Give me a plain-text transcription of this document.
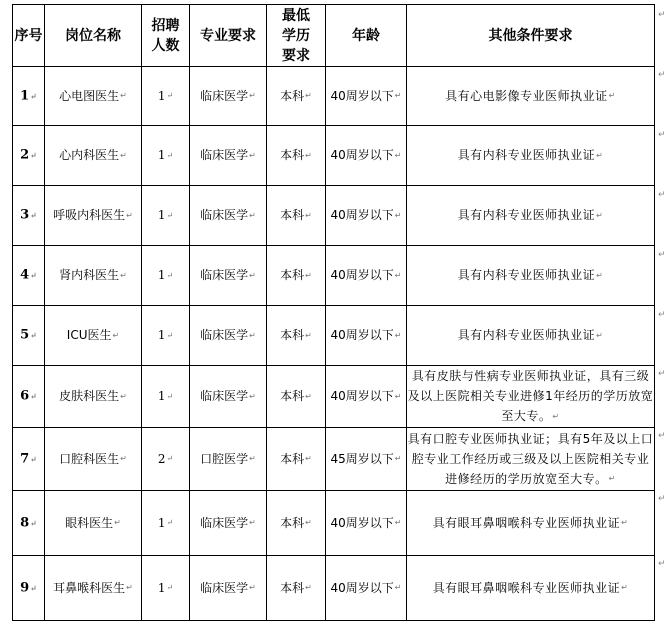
序号	岗位名称	招聘人数	专业要求	最低学历要求	年龄	其他条件要求
1↵	心电图医生↵	1↵	临床医学↵	本科↵	40周岁以下↵	具有心电影像专业医师执业证↵
2↵	心内科医生↵	1↵	临床医学↵	本科↵	40周岁以下↵	具有内科专业医师执业证↵
3↵	呼吸内科医生↵	1↵	临床医学↵	本科↵	40周岁以下↵	具有内科专业医师执业证↵
4↵	肾内科医生↵	1↵	临床医学↵	本科↵	40周岁以下↵	具有内科专业医师执业证↵
5↵	ICU医生↵	1↵	临床医学↵	本科↵	40周岁以下↵	具有内科专业医师执业证↵
6↵	皮肤科医生↵	1↵	临床医学↵	本科↵	40周岁以下↵	具有皮肤与性病专业医师执业证，具有三级及以上医院相关专业进修1年经历的学历放宽至大专。↵
7↵	口腔科医生↵	2↵	口腔医学↵	本科↵	45周岁以下↵	具有口腔专业医师执业证；具有5年及以上口腔专业工作经历或三级及以上医院相关专业进修经历的学历放宽至大专。↵
8↵	眼科医生↵	1↵	临床医学↵	本科↵	40周岁以下↵	具有眼耳鼻咽喉科专业医师执业证↵
9↵	耳鼻喉科医生↵	1↵	临床医学↵	本科↵	40周岁以下↵	具有眼耳鼻咽喉科专业医师执业证↵
↵
↵
↵
↵
↵
↵
↵
↵
↵
↵
